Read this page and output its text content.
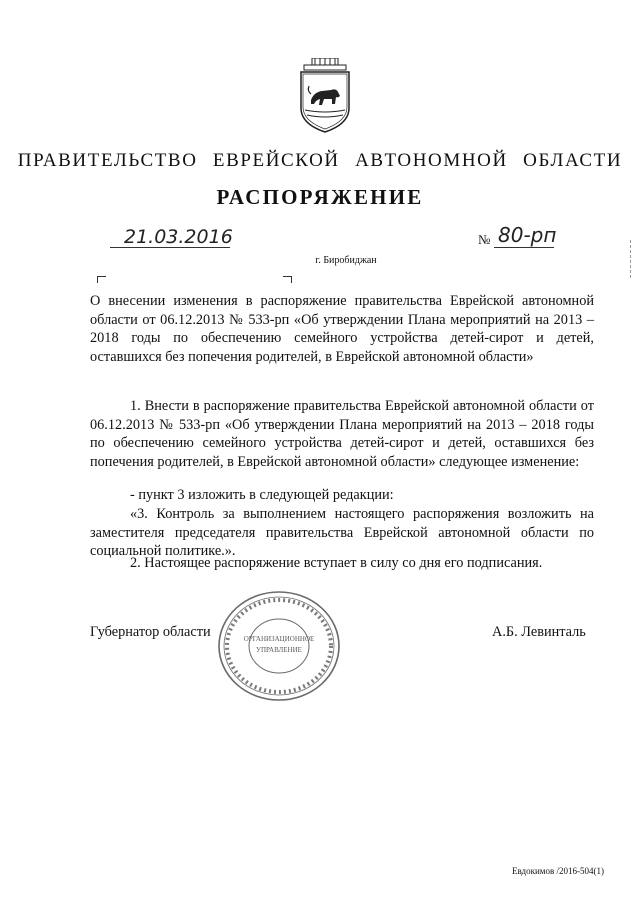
ПРАВИТЕЛЬСТВО ЕВРЕЙСКОЙ АВТОНОМНОЙ ОБЛАСТИ
РАСПОРЯЖЕНИЕ
21.03.2016	№ 80-рп
г. Биробиджан
О внесении изменения в распоряжение правительства Еврейской автономной области от 06.12.2013 № 533-рп «Об утверждении Плана мероприятий на 2013 – 2018 годы по обеспечению семейного устройства детей-сирот и детей, оставшихся без попечения родителей, в Еврейской автономной области»
1. Внести в распоряжение правительства Еврейской автономной области от 06.12.2013 № 533-рп «Об утверждении Плана мероприятий на 2013 – 2018 годы по обеспечению семейного устройства детей-сирот и детей, оставшихся без попечения родителей, в Еврейской автономной области» следующее изменение:
- пункт 3 изложить в следующей редакции:
«3. Контроль за выполнением настоящего распоряжения возложить на заместителя председателя правительства Еврейской автономной области по социальной политике.».
2. Настоящее распоряжение вступает в силу со дня его подписания.
Губернатор области	А.Б. Левинталь
ОРГАНИЗАЦИОННОЕ
УПРАВЛЕНИЕ
Евдокимов /2016-504(1)
